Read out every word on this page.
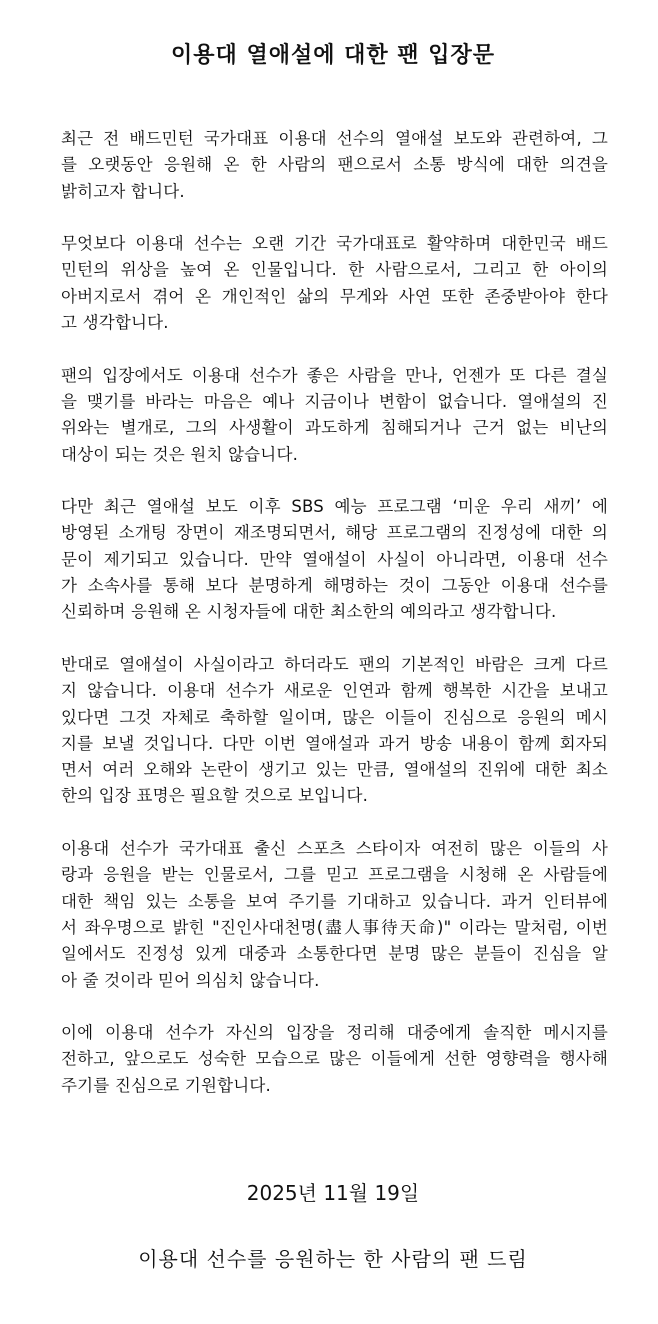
이용대 열애설에 대한 팬 입장문
최근 전 배드민턴 국가대표 이용대 선수의 열애설 보도와 관련하여, 그
를 오랫동안 응원해 온 한 사람의 팬으로서 소통 방식에 대한 의견을
밝히고자 합니다.
무엇보다 이용대 선수는 오랜 기간 국가대표로 활약하며 대한민국 배드
민턴의 위상을 높여 온 인물입니다. 한 사람으로서, 그리고 한 아이의
아버지로서 겪어 온 개인적인 삶의 무게와 사연 또한 존중받아야 한다
고 생각합니다.
팬의 입장에서도 이용대 선수가 좋은 사람을 만나, 언젠가 또 다른 결실
을 맺기를 바라는 마음은 예나 지금이나 변함이 없습니다. 열애설의 진
위와는 별개로, 그의 사생활이 과도하게 침해되거나 근거 없는 비난의
대상이 되는 것은 원치 않습니다.
다만 최근 열애설 보도 이후 SBS 예능 프로그램 ‘미운 우리 새끼’ 에
방영된 소개팅 장면이 재조명되면서, 해당 프로그램의 진정성에 대한 의
문이 제기되고 있습니다. 만약 열애설이 사실이 아니라면, 이용대 선수
가 소속사를 통해 보다 분명하게 해명하는 것이 그동안 이용대 선수를
신뢰하며 응원해 온 시청자들에 대한 최소한의 예의라고 생각합니다.
반대로 열애설이 사실이라고 하더라도 팬의 기본적인 바람은 크게 다르
지 않습니다. 이용대 선수가 새로운 인연과 함께 행복한 시간을 보내고
있다면 그것 자체로 축하할 일이며, 많은 이들이 진심으로 응원의 메시
지를 보낼 것입니다. 다만 이번 열애설과 과거 방송 내용이 함께 회자되
면서 여러 오해와 논란이 생기고 있는 만큼, 열애설의 진위에 대한 최소
한의 입장 표명은 필요할 것으로 보입니다.
이용대 선수가 국가대표 출신 스포츠 스타이자 여전히 많은 이들의 사
랑과 응원을 받는 인물로서, 그를 믿고 프로그램을 시청해 온 사람들에
대한 책임 있는 소통을 보여 주기를 기대하고 있습니다. 과거 인터뷰에
서 좌우명으로 밝힌 "진인사대천명(盡人事待天命)" 이라는 말처럼, 이번
일에서도 진정성 있게 대중과 소통한다면 분명 많은 분들이 진심을 알
아 줄 것이라 믿어 의심치 않습니다.
이에 이용대 선수가 자신의 입장을 정리해 대중에게 솔직한 메시지를
전하고, 앞으로도 성숙한 모습으로 많은 이들에게 선한 영향력을 행사해
주기를 진심으로 기원합니다.
2025년 11월 19일
이용대 선수를 응원하는 한 사람의 팬 드림
